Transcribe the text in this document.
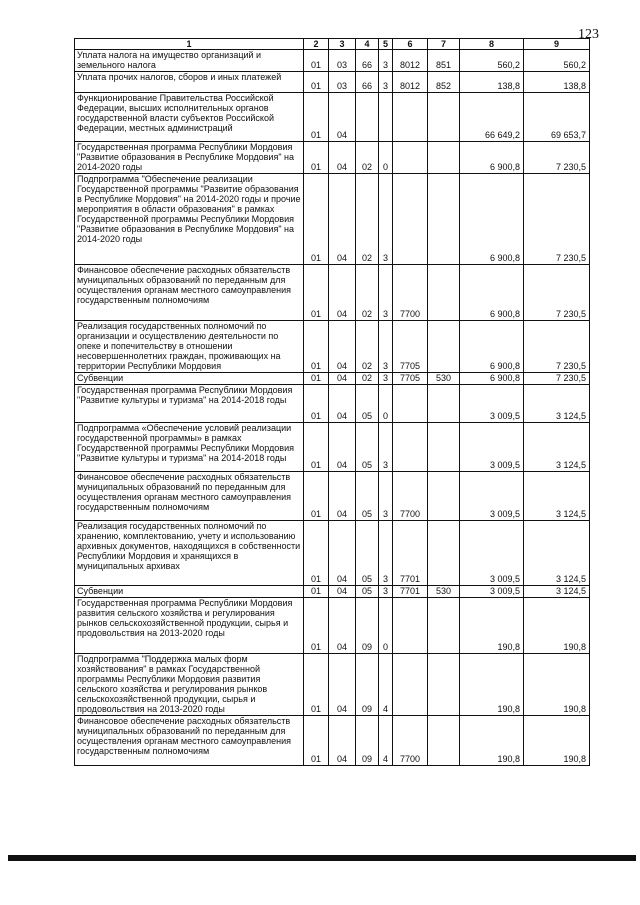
123
1	2	3	4	5	6	7	8	9
Уплата налога на имущество организаций и земельного налога	01	03	66	3	8012	851	560,2	560,2
Уплата прочих налогов, сборов и иных платежей	01	03	66	3	8012	852	138,8	138,8
Функционирование Правительства Российской Федерации, высших исполнительных органов государственной власти субъектов Российской Федерации, местных администраций	01	04					66 649,2	69 653,7
Государственная программа Республики Мордовия "Развитие образования в Республике Мордовия" на 2014-2020 годы	01	04	02	0			6 900,8	7 230,5
Подпрограмма "Обеспечение реализации Государственной программы "Развитие образования в Республике Мордовия" на 2014-2020 годы и прочие мероприятия в области образования" в рамках Государственной программы Республики Мордовия "Развитие образования в Республике Мордовия" на 2014-2020 годы	01	04	02	3			6 900,8	7 230,5
Финансовое обеспечение расходных обязательств муниципальных образований по переданным для осуществления органам местного самоуправления государственным полномочиям	01	04	02	3	7700		6 900,8	7 230,5
Реализация государственных полномочий по организации и осуществлению деятельности по опеке и попечительству в отношении несовершеннолетних граждан, проживающих на территории Республики Мордовия	01	04	02	3	7705		6 900,8	7 230,5
Субвенции	01	04	02	3	7705	530	6 900,8	7 230,5
Государственная программа Республики Мордовия "Развитие культуры и туризма" на 2014-2018 годы	01	04	05	0			3 009,5	3 124,5
Подпрограмма «Обеспечение условий реализации государственной программы» в рамках Государственной программы Республики Мордовия "Развитие культуры и туризма" на 2014-2018 годы	01	04	05	3			3 009,5	3 124,5
Финансовое обеспечение расходных обязательств муниципальных образований по переданным для осуществления органам местного самоуправления государственным полномочиям	01	04	05	3	7700		3 009,5	3 124,5
Реализация государственных полномочий по хранению, комплектованию, учету и использованию архивных документов, находящихся в собственности Республики Мордовия и хранящихся в муниципальных архивах	01	04	05	3	7701		3 009,5	3 124,5
Субвенции	01	04	05	3	7701	530	3 009,5	3 124,5
Государственная программа Республики Мордовия развития сельского хозяйства и регулирования рынков сельскохозяйственной продукции, сырья и продовольствия на 2013-2020 годы	01	04	09	0			190,8	190,8
Подпрограмма "Поддержка малых форм хозяйствования" в рамках Государственной программы Республики Мордовия развития сельского хозяйства и регулирования рынков сельскохозяйственной продукции, сырья и продовольствия на 2013-2020 годы	01	04	09	4			190,8	190,8
Финансовое обеспечение расходных обязательств муниципальных образований по переданным для осуществления органам местного самоуправления государственным полномочиям	01	04	09	4	7700		190,8	190,8
